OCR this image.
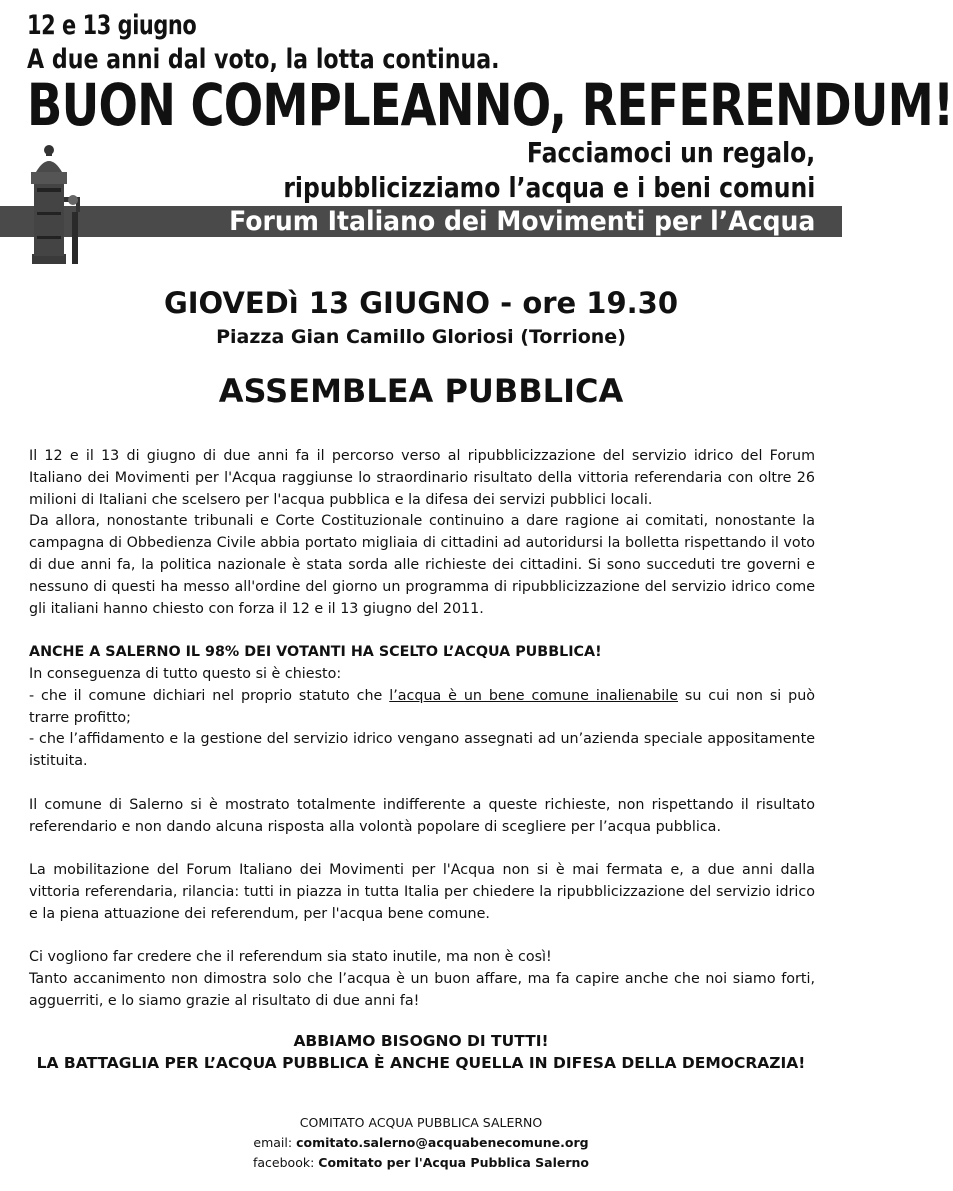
12 e 13 giugno
A due anni dal voto, la lotta continua.
BUON COMPLEANNO, REFERENDUM!
Facciamoci un regalo,
ripubblicizziamo l’acqua e i beni comuni
Forum Italiano dei Movimenti per l’Acqua
GIOVEDì 13 GIUGNO - ore 19.30
Piazza Gian Camillo Gloriosi (Torrione)
ASSEMBLEA PUBBLICA

Il 12 e il 13 di giugno di due anni fa il percorso verso al ripubblicizzazione del servizio idrico del Forum Italiano dei Movimenti per l'Acqua raggiunse lo straordinario risultato della vittoria referendaria con oltre 26 milioni di Italiani che scelsero per l'acqua pubblica e la difesa dei servizi pubblici locali.

Da allora, nonostante tribunali e Corte Costituzionale continuino a dare ragione ai comitati, nonostante la campagna di Obbedienza Civile abbia portato migliaia di cittadini ad autoridursi la bolletta rispettando il voto di due anni fa, la politica nazionale è stata sorda alle richieste dei cittadini. Si sono succeduti tre governi e nessuno di questi ha messo all'ordine del giorno un programma di ripubblicizzazione del servizio idrico come gli italiani hanno chiesto con forza il 12 e il 13 giugno del 2011.

ANCHE A SALERNO IL 98% DEI VOTANTI HA SCELTO L’ACQUA PUBBLICA!

In conseguenza di tutto questo si è chiesto:

- che il comune dichiari nel proprio statuto che l’acqua è un bene comune inalienabile su cui non si può trarre profitto;

- che l’affidamento e la gestione del servizio idrico vengano assegnati ad un’azienda speciale appositamente istituita.

Il comune di Salerno si è mostrato totalmente indifferente a queste richieste, non rispettando il risultato referendario e non dando alcuna risposta alla volontà popolare di scegliere per l’acqua pubblica.

La mobilitazione del Forum Italiano dei Movimenti per l'Acqua non si è mai fermata e, a due anni dalla vittoria referendaria, rilancia: tutti in piazza in tutta Italia per chiedere la ripubblicizzazione del servizio idrico e la piena attuazione dei referendum, per l'acqua bene comune.

Ci vogliono far credere che il referendum sia stato inutile, ma non è così!

Tanto accanimento non dimostra solo che l’acqua è un buon affare, ma fa capire anche che noi siamo forti, agguerriti, e lo siamo grazie al risultato di due anni fa!

ABBIAMO BISOGNO DI TUTTI!
LA BATTAGLIA PER L’ACQUA PUBBLICA È ANCHE QUELLA IN DIFESA DELLA DEMOCRAZIA!
COMITATO ACQUA PUBBLICA SALERNO
email: comitato.salerno@acquabenecomune.org
facebook: Comitato per l'Acqua Pubblica Salerno
